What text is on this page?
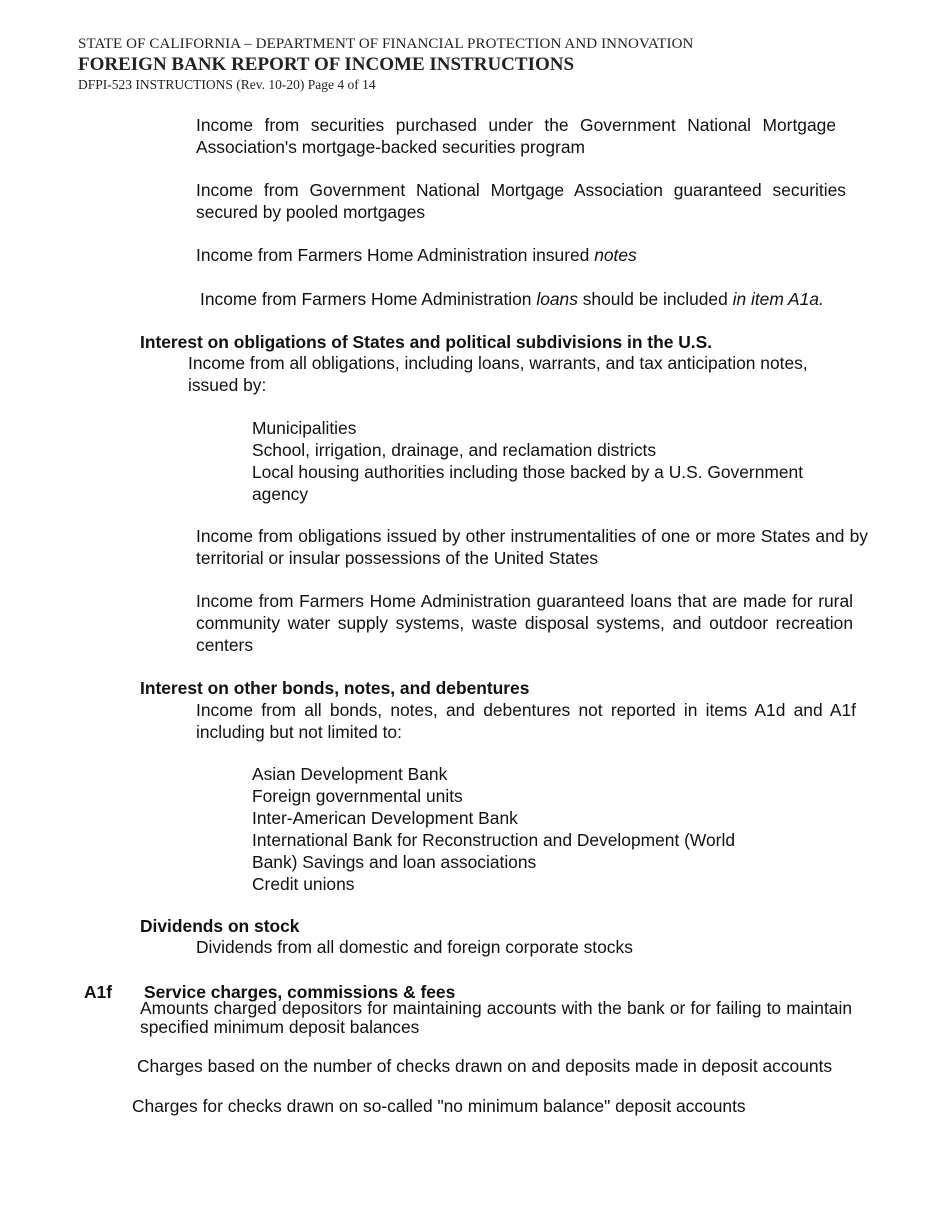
STATE OF CALIFORNIA – DEPARTMENT OF FINANCIAL PROTECTION AND INNOVATION
FOREIGN BANK REPORT OF INCOME INSTRUCTIONS
DFPI-523 INSTRUCTIONS (Rev. 10-20) Page 4 of 14

Income from securities purchased under the Government National Mortgage Association's mortgage-backed securities program

Income from Government National Mortgage Association guaranteed securities secured by pooled mortgages

Income from Farmers Home Administration insured notes

Income from Farmers Home Administration loans should be included in item A1a.

Interest on obligations of States and political subdivisions in the U.S.

Income from all obligations, including loans, warrants, and tax anticipation notes, issued by:

Municipalities
School, irrigation, drainage, and reclamation districts
Local housing authorities including those backed by a U.S. Government agency

Income from obligations issued by other instrumentalities of one or more States and by territorial or insular possessions of the United States

Income from Farmers Home Administration guaranteed loans that are made for rural community water supply systems, waste disposal systems, and outdoor recreation centers

Interest on other bonds, notes, and debentures

Income from all bonds, notes, and debentures not reported in items A1d and A1f including but not limited to:

Asian Development Bank
Foreign governmental units
Inter-American Development Bank
International Bank for Reconstruction and Development (World Bank) Savings and loan associations
Credit unions

Dividends on stock

Dividends from all domestic and foreign corporate stocks

A1f Service charges, commissions & fees

Amounts charged depositors for maintaining accounts with the bank or for failing to maintain specified minimum deposit balances

Charges based on the number of checks drawn on and deposits made in deposit accounts

Charges for checks drawn on so-called "no minimum balance" deposit accounts
